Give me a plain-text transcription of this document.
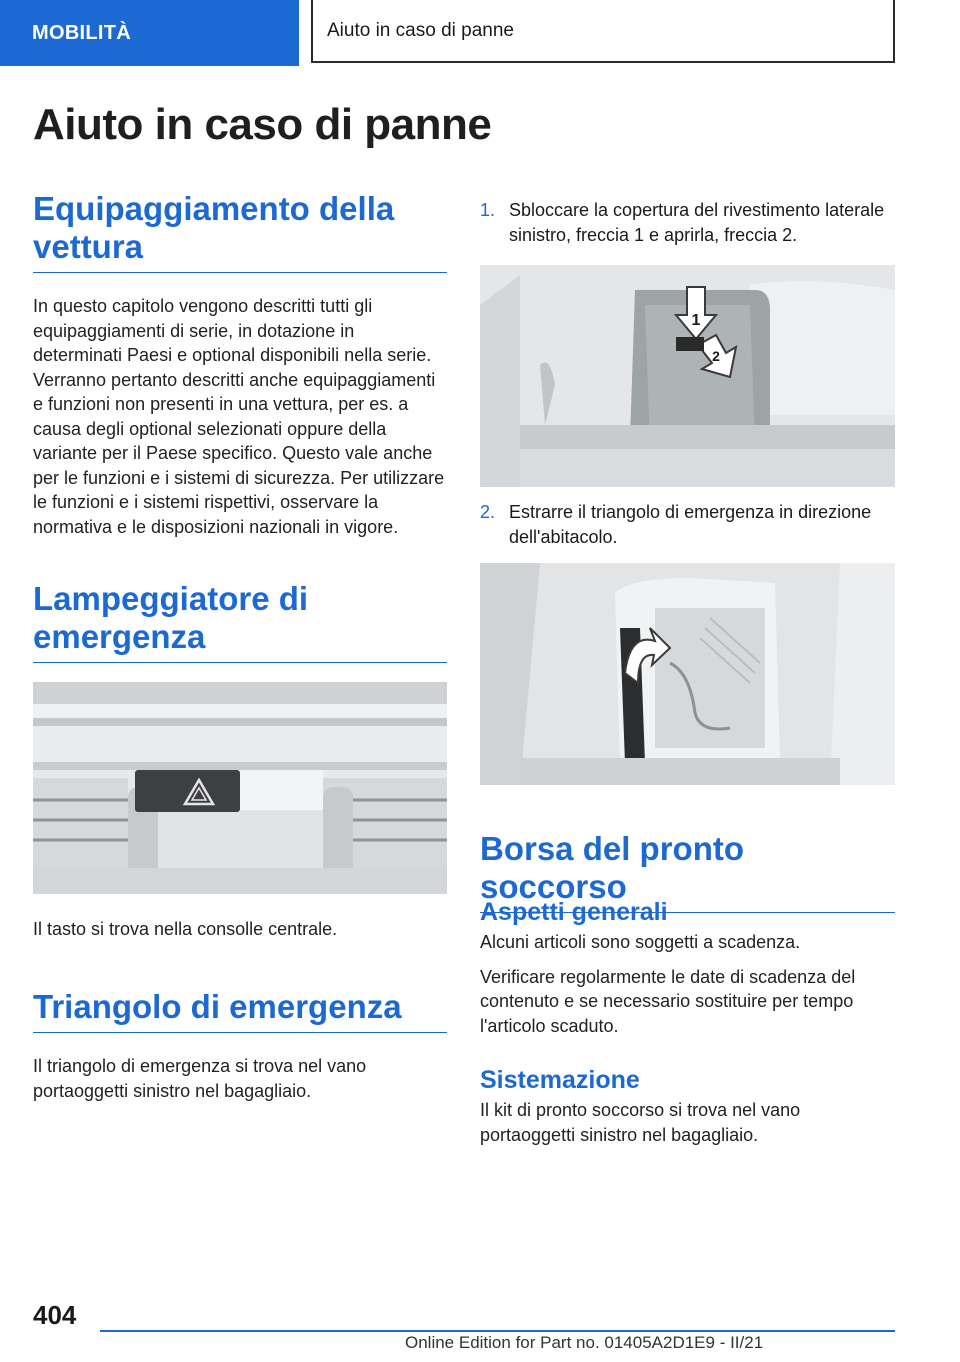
MOBILITÀ	Aiuto in caso di panne
Aiuto in caso di panne
Equipaggiamento della vettura

In questo capitolo vengono descritti tutti gli equipaggiamenti di serie, in dotazione in determinati Paesi e optional disponibili nella serie. Verranno pertanto descritti anche equipaggiamenti e funzioni non presenti in una vettura, per es. a causa degli optional selezionati oppure della variante per il Paese specifico. Questo vale anche per le funzioni e i sistemi di sicurezza. Per utilizzare le funzioni e i sistemi rispettivi, osservare la normativa e le disposizioni nazionali in vigore.

Lampeggiatore di emergenza

Il tasto si trova nella consolle centrale.

Triangolo di emergenza

Il triangolo di emergenza si trova nel vano portaoggetti sinistro nel bagagliaio.

1. Sbloccare la copertura del rivestimento laterale sinistro, freccia 1 e aprirla, freccia 2.
1
2
2. Estrarre il triangolo di emergenza in direzione dell'abitacolo.
Borsa del pronto soccorso
Aspetti generali

Alcuni articoli sono soggetti a scadenza.

Verificare regolarmente le date di scadenza del contenuto e se necessario sostituire per tempo l'articolo scaduto.

Sistemazione

Il kit di pronto soccorso si trova nel vano portaoggetti sinistro nel bagagliaio.

404
Online Edition for Part no. 01405A2D1E9 - II/21
